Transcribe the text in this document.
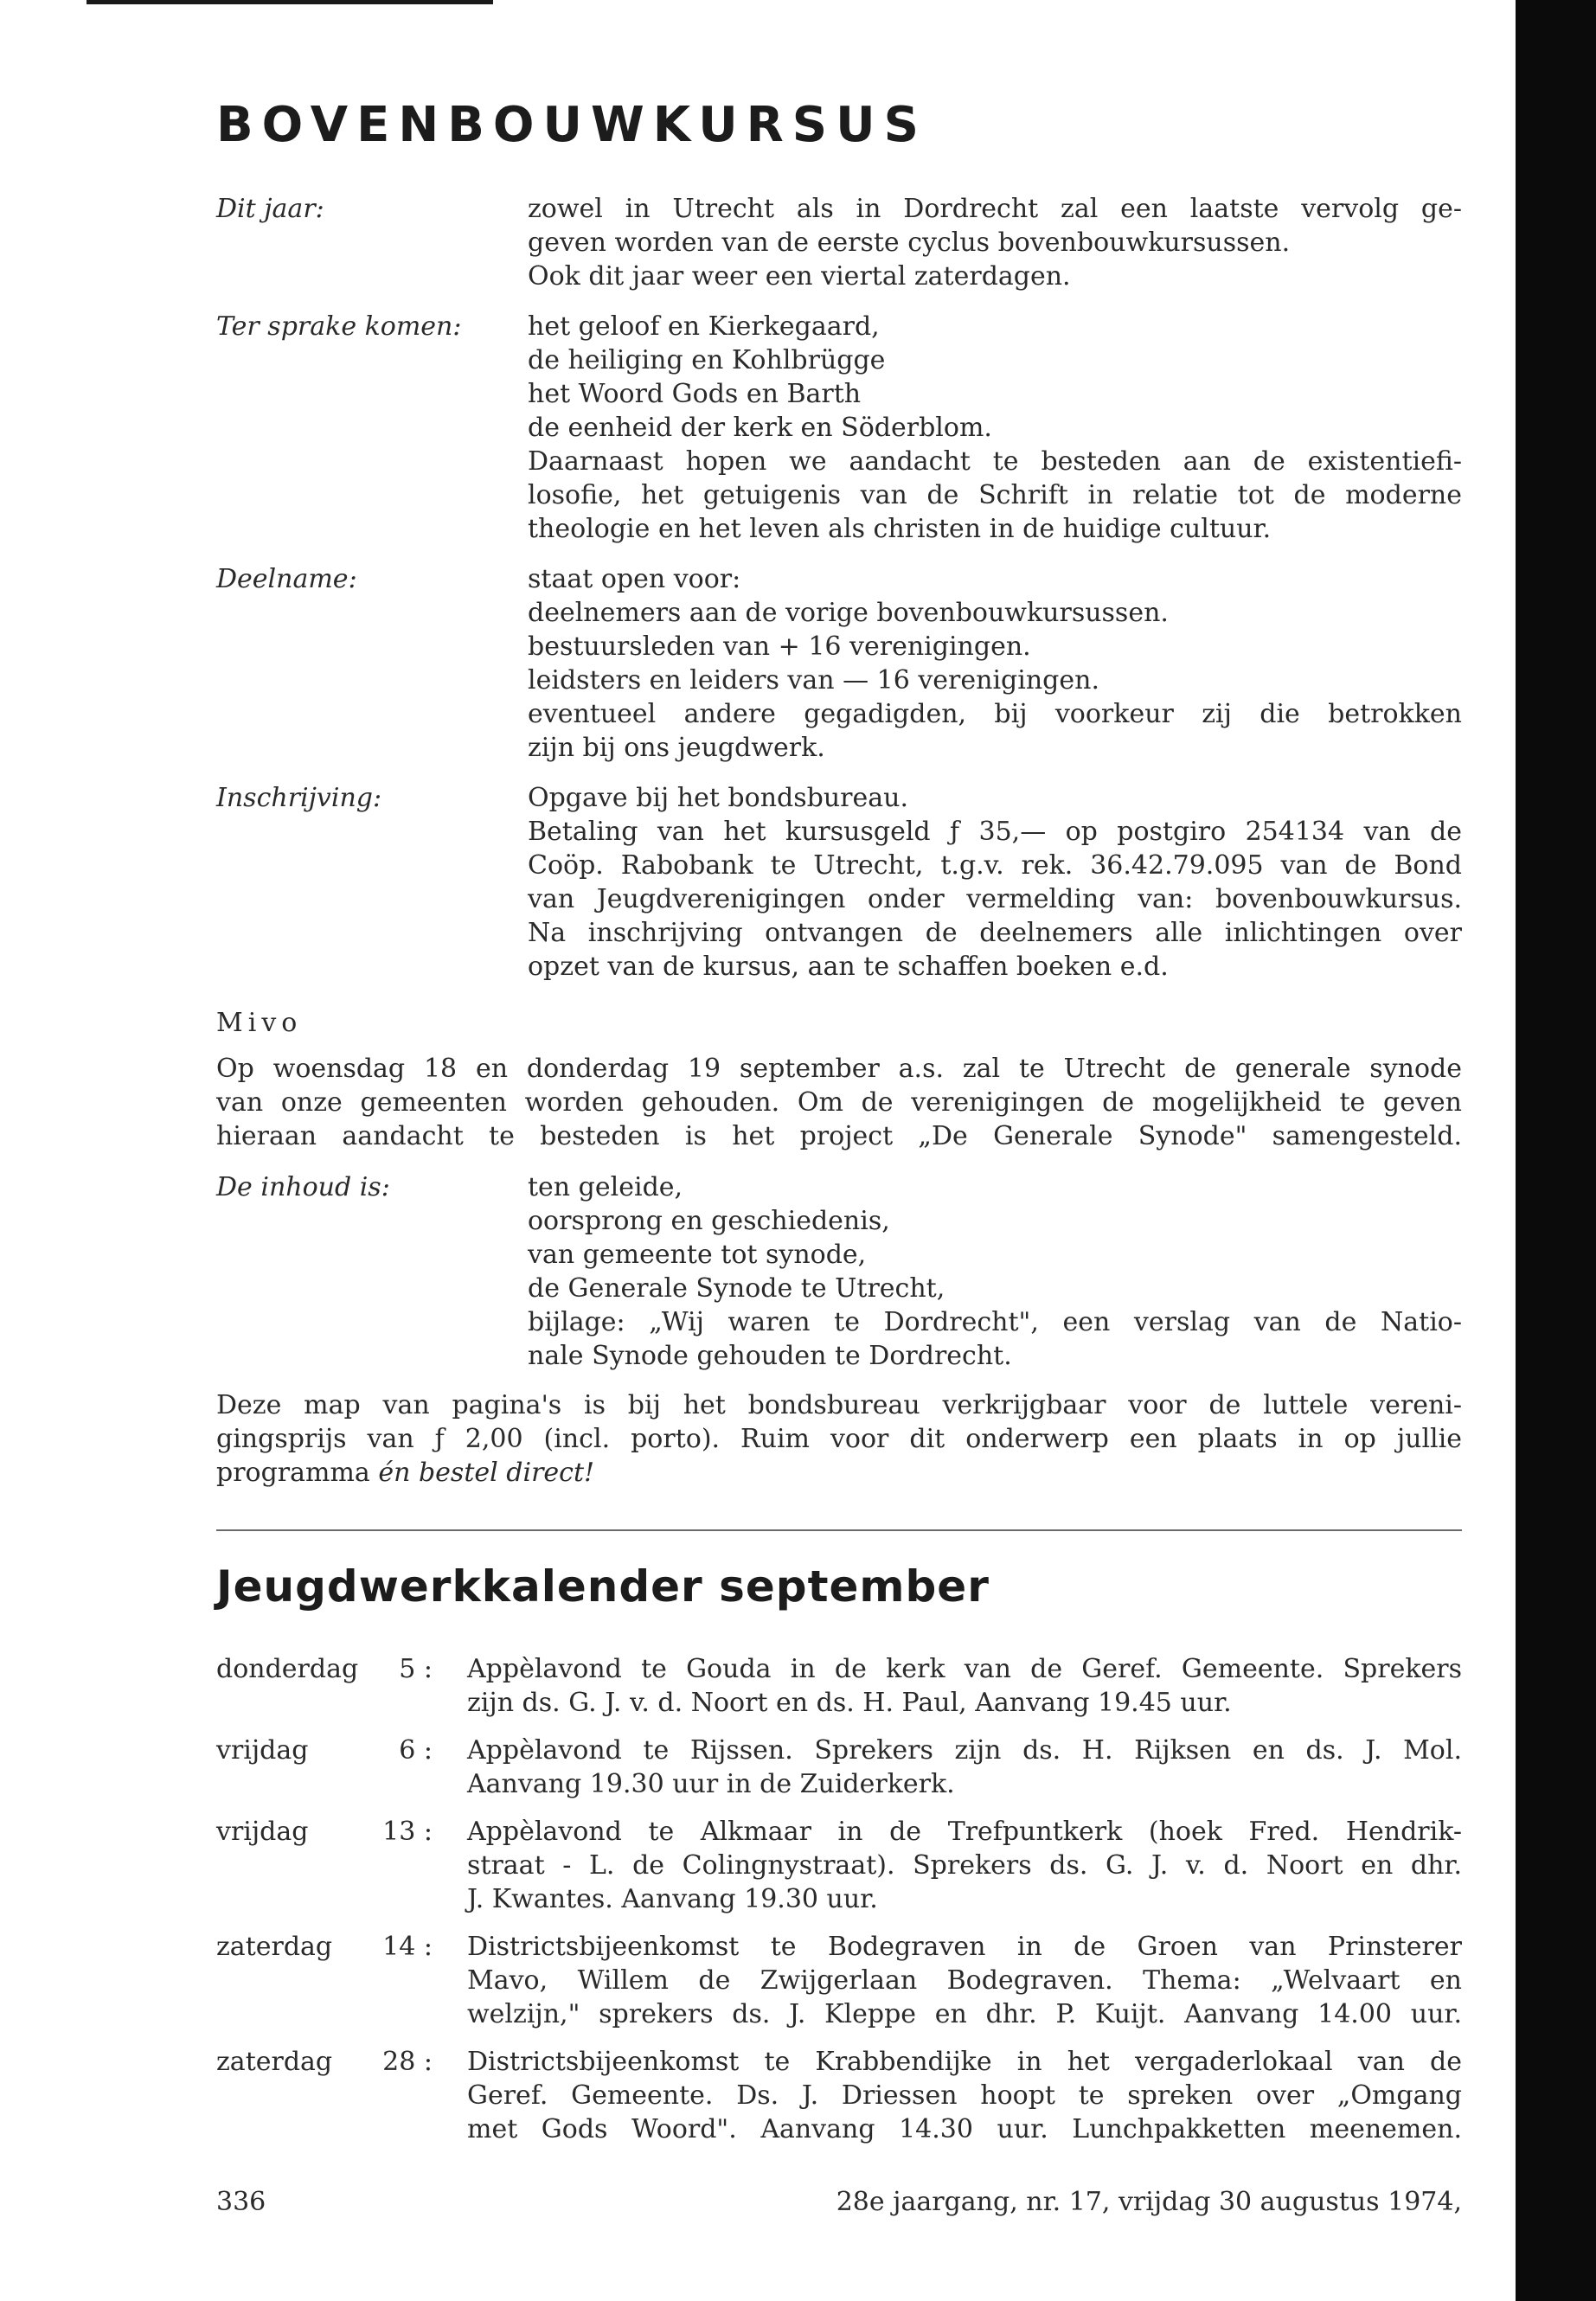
BOVENBOUWKURSUS
Dit jaar:	zowel in Utrecht als in Dordrecht zal een laatste vervolg ge-
geven worden van de eerste cyclus bovenbouwkursussen.
Ook dit jaar weer een viertal zaterdagen.
Ter sprake komen:	het geloof en Kierkegaard,
de heiliging en Kohlbrügge
het Woord Gods en Barth
de eenheid der kerk en Söderblom.
Daarnaast hopen we aandacht te besteden aan de existentiefi-
losofie, het getuigenis van de Schrift in relatie tot de moderne
theologie en het leven als christen in de huidige cultuur.
Deelname:	staat open voor:
deelnemers aan de vorige bovenbouwkursussen.
bestuursleden van + 16 verenigingen.
leidsters en leiders van — 16 verenigingen.
eventueel andere gegadigden, bij voorkeur zij die betrokken
zijn bij ons jeugdwerk.
Inschrijving:	Opgave bij het bondsbureau.
Betaling van het kursusgeld ƒ 35,— op postgiro 254134 van de
Coöp. Rabobank te Utrecht, t.g.v. rek. 36.42.79.095 van de Bond
van Jeugdverenigingen onder vermelding van: bovenbouwkursus.
Na inschrijving ontvangen de deelnemers alle inlichtingen over
opzet van de kursus, aan te schaffen boeken e.d.
Mivo
Op woensdag 18 en donderdag 19 september a.s. zal te Utrecht de generale synode
van onze gemeenten worden gehouden. Om de verenigingen de mogelijkheid te geven
hieraan aandacht te besteden is het project „De Generale Synode" samengesteld.
De inhoud is:	ten geleide,
oorsprong en geschiedenis,
van gemeente tot synode,
de Generale Synode te Utrecht,
bijlage: „Wij waren te Dordrecht", een verslag van de Natio-
nale Synode gehouden te Dordrecht.
Deze map van pagina's is bij het bondsbureau verkrijgbaar voor de luttele vereni-
gingsprijs van ƒ 2,00 (incl. porto). Ruim voor dit onderwerp een plaats in op jullie
programma én bestel direct!
Jeugdwerkkalender september
donderdag	5 : Appèlavond te Gouda in de kerk van de Geref. Gemeente. Sprekers
zijn ds. G. J. v. d. Noort en ds. H. Paul, Aanvang 19.45 uur.
vrijdag	6 : Appèlavond te Rijssen. Sprekers zijn ds. H. Rijksen en ds. J. Mol.
Aanvang 19.30 uur in de Zuiderkerk.
vrijdag	13 : Appèlavond te Alkmaar in de Trefpuntkerk (hoek Fred. Hendrik-
straat - L. de Colingnystraat). Sprekers ds. G. J. v. d. Noort en dhr.
J. Kwantes. Aanvang 19.30 uur.
zaterdag	14 : Districtsbijeenkomst te Bodegraven in de Groen van Prinsterer
Mavo, Willem de Zwijgerlaan Bodegraven. Thema: „Welvaart en
welzijn," sprekers ds. J. Kleppe en dhr. P. Kuijt. Aanvang 14.00 uur.
zaterdag	28 : Districtsbijeenkomst te Krabbendijke in het vergaderlokaal van de
Geref. Gemeente. Ds. J. Driessen hoopt te spreken over „Omgang
met Gods Woord". Aanvang 14.30 uur. Lunchpakketten meenemen.
336	28e jaargang, nr. 17, vrijdag 30 augustus 1974,
